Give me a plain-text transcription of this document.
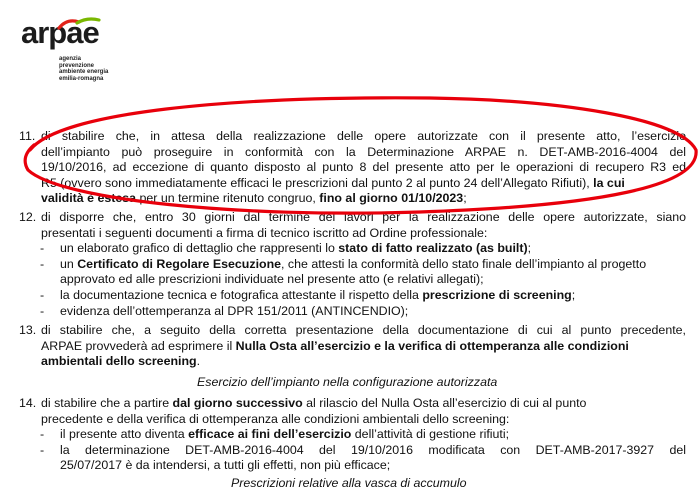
arpae
agenzia
prevenzione
ambiente energia
emilia-romagna
11. di stabilire che, in attesa della realizzazione delle opere autorizzate con il presente atto, l’esercizio
dell’impianto può proseguire in conformità con la Determinazione ARPAE n. DET-AMB-2016-4004 del
19/10/2016, ad eccezione di quanto disposto al punto 8 del presente atto per le operazioni di recupero R3 ed
R5 (ovvero sono immediatamente efficaci le prescrizioni dal punto 2 al punto 24 dell’Allegato Rifiuti), la cui
validità è estesa per un termine ritenuto congruo, fino al giorno 01/10/2023;
12. di disporre che, entro 30 giorni dal termine dei lavori per la realizzazione delle opere autorizzate, siano
presentati i seguenti documenti a firma di tecnico iscritto ad Ordine professionale:
- un elaborato grafico di dettaglio che rappresenti lo stato di fatto realizzato (as built);
- un Certificato di Regolare Esecuzione, che attesti la conformità dello stato finale dell’impianto al progetto
approvato ed alle prescrizioni individuate nel presente atto (e relativi allegati);
- la documentazione tecnica e fotografica attestante il rispetto della prescrizione di screening;
- evidenza dell’ottemperanza al DPR 151/2011 (ANTINCENDIO);
13. di stabilire che, a seguito della corretta presentazione della documentazione di cui al punto precedente,
ARPAE provvederà ad esprimere il Nulla Osta all’esercizio e la verifica di ottemperanza alle condizioni
ambientali dello screening.
Esercizio dell’impianto nella configurazione autorizzata
14. di stabilire che a partire dal giorno successivo al rilascio del Nulla Osta all’esercizio di cui al punto
precedente e della verifica di ottemperanza alle condizioni ambientali dello screening:
- il presente atto diventa efficace ai fini dell’esercizio dell’attività di gestione rifiuti;
- la determinazione DET-AMB-2016-4004 del 19/10/2016 modificata con DET-AMB-2017-3927 del
25/07/2017 è da intendersi, a tutti gli effetti, non più efficace;
Prescrizioni relative alla vasca di accumulo
